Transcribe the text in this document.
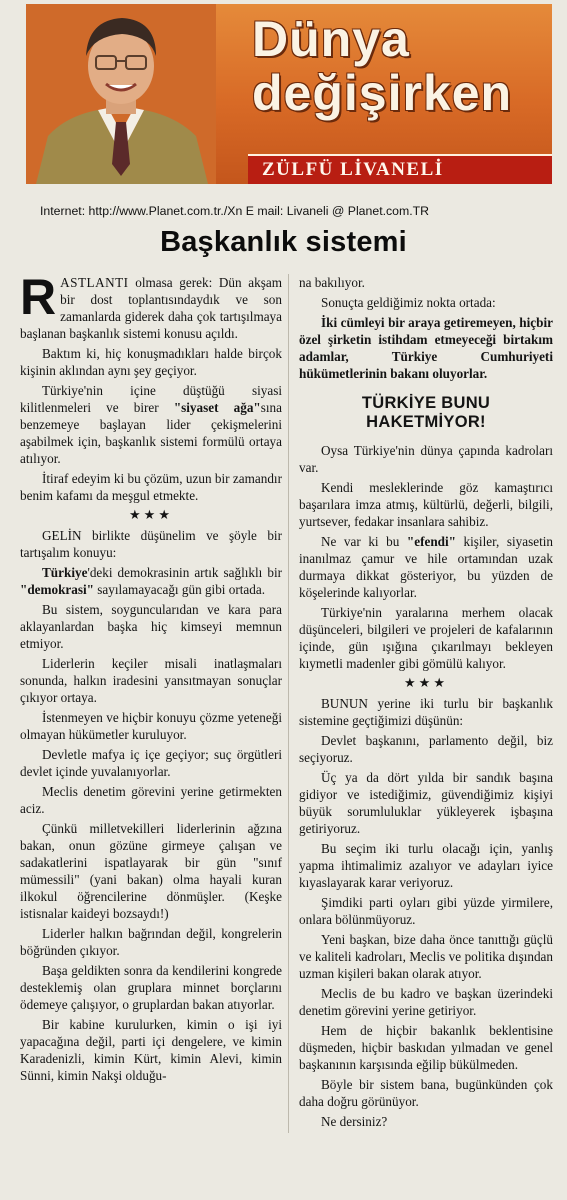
Dünya
değişirken
ZÜLFÜ LİVANELİ
Internet: http://www.Planet.com.tr./Xn E mail: Livaneli @ Planet.com.TR
Başkanlık sistemi

RASTLANTI olmasa gerek: Dün akşam bir dost toplantısındaydık ve son zamanlarda giderek daha çok tartışılmaya başlanan başkanlık sistemi konusu açıldı.

Baktım ki, hiç konuşmadıkları halde birçok kişinin aklından aynı şey geçiyor.

Türkiye'nin içine düştüğü siyasi kilitlenmeleri ve birer "siyaset ağa"sına benzemeye başlayan lider çekişmelerini aşabilmek için, başkanlık sistemi formülü ortaya atılıyor.

İtiraf edeyim ki bu çözüm, uzun bir zamandır benim kafamı da meşgul etmekte.

★★★

GELİN birlikte düşünelim ve şöyle bir tartışalım konuyu:

Türkiye'deki demokrasinin artık sağlıklı bir "demokrasi" sayılamayacağı gün gibi ortada.

Bu sistem, soyguncularıdan ve kara para aklayanlardan başka hiç kimseyi memnun etmiyor.

Liderlerin keçiler misali inatlaşmaları sonunda, halkın iradesini yansıtmayan sonuçlar çıkıyor ortaya.

İstenmeyen ve hiçbir konuyu çözme yeteneği olmayan hükümetler kuruluyor.

Devletle mafya iç içe geçiyor; suç örgütleri devlet içinde yuvalanıyorlar.

Meclis denetim görevini yerine getirmekten aciz.

Çünkü milletvekilleri liderlerinin ağzına bakan, onun gözüne girmeye çalışan ve sadakatlerini ispatlayarak bir gün "sınıf mümessili" (yani bakan) olma hayali kuran ilkokul öğrencilerine dönmüşler. (Keşke istisnalar kaideyi bozsaydı!)

Liderler halkın bağrından değil, kongrelerin böğründen çıkıyor.

Başa geldikten sonra da kendilerini kongrede desteklemiş olan gruplara minnet borçlarını ödemeye çalışıyor, o gruplardan bakan atıyorlar.

Bir kabine kurulurken, kimin o işi iyi yapacağına değil, parti içi dengelere, ve kimin Karadenizli, kimin Kürt, kimin Alevi, kimin Sünni, kimin Nakşi olduğu-

na bakılıyor.

Sonuçta geldiğimiz nokta ortada:

İki cümleyi bir araya getiremeyen, hiçbir özel şirketin istihdam etmeyeceği birtakım adamlar, Türkiye Cumhuriyeti hükümetlerinin bakanı oluyorlar.

TÜRKİYE BUNU
HAKETMİYOR!

Oysa Türkiye'nin dünya çapında kadroları var.

Kendi mesleklerinde göz kamaştırıcı başarılara imza atmış, kültürlü, değerli, bilgili, yurtsever, fedakar insanlara sahibiz.

Ne var ki bu "efendi" kişiler, siyasetin inanılmaz çamur ve hile ortamından uzak durmaya dikkat gösteriyor, bu yüzden de köşelerinde kalıyorlar.

Türkiye'nin yaralarına merhem olacak düşünceleri, bilgileri ve projeleri de kafalarının içinde, gün ışığına çıkarılmayı bekleyen kıymetli madenler gibi gömülü kalıyor.

★★★

BUNUN yerine iki turlu bir başkanlık sistemine geçtiğimizi düşünün:

Devlet başkanını, parlamento değil, biz seçiyoruz.

Üç ya da dört yılda bir sandık başına gidiyor ve istediğimiz, güvendiğimiz kişiyi büyük sorumluluklar yükleyerek işbaşına getiriyoruz.

Bu seçim iki turlu olacağı için, yanlış yapma ihtimalimiz azalıyor ve adayları iyice kıyaslayarak karar veriyoruz.

Şimdiki parti oyları gibi yüzde yirmilere, onlara bölünmüyoruz.

Yeni başkan, bize daha önce tanıttığı güçlü ve kaliteli kadroları, Meclis ve politika dışından uzman kişileri bakan olarak atıyor.

Meclis de bu kadro ve başkan üzerindeki denetim görevini yerine getiriyor.

Hem de hiçbir bakanlık beklentisine düşmeden, hiçbir baskıdan yılmadan ve genel başkanının karşısında eğilip bükülmeden.

Böyle bir sistem bana, bugünkünden çok daha doğru görünüyor.

Ne dersiniz?
